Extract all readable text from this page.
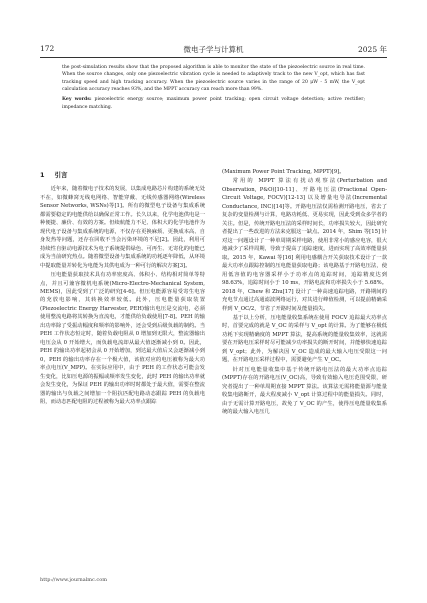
172	微电子学与计算机	2025 年

the post-simulation results show that the proposed algorithm is able to monitor the state of the piezoelectric source in real time. When the source changes, only one piezoelectric vibration cycle is needed to adaptively track to the new V_opt, which has fast tracking speed and high tracking accuracy. When the piezoelectric source varies in the range of 20 μW - 5 mW, the V_opt calculation accuracy reaches 93%, and the MPPT accuracy can reach more than 99%.

Key words: piezoelectric energy source; maximum power point tracking; open circuit voltage detection; active rectifier; impedance matching.

1 引言

近年来，随着微电子技术的发展，以集成电路芯片构建的系统无处不在，如微蜂窝无线电网络、智能穿戴、无线传感器网络(Wireless Sensor Networks, WSNs)等[1]。所有的微型电子设备与集成系统都需要稳定的电能供给以确保正常工作。长久以来，化学电池供电是一种便捷、廉价、有效的方案。但续航能力不足、体积大的化学电池作为现代电子设备与集成系统的电源，不仅存在更换麻烦、更换成本高、自身发热等问题，还存在回收不当会污染环境的不足[2]。因此，利用可持续性自驱动电源技术为电子系统提供绿色、可再生、无寄化的电能已成为当前研究热点。随着微型设备与集成系统的功耗逐年降低，从环境中提取能量并转化为电能为其供电成为一种可行的解决方案[3]。

压电能量获取技术具有功率密度高、体积小、结构相对简单等特点，并且可兼容微机电系统(Micro-Electro-Mechanical System, MEMS)，因此受到了广泛的研究[4-6]。但压电能源容易受寄生电容的充放电影响，其转换效率较低。此外，压电能量获取装置(Piezoelectric Energy Harvester, PEH)输出电压是交流电，必须使用整流电路将其转换为直流电，才能供给负载使用[7-8]。PEH 的输出功率除了受振动幅度和频率的影响外，还会受到后级负载的制约。当 PEH 工作状态恒定时，随着负载电阻从 0 增加到无限大，整流器输出电压会从 0 开始增大，而负载电流却从最大值逐渐减小到 0。因此，PEH 的输出功率起初会从 0 开始增加，到达最大值后又会逐渐减小到 0，PEH 的输出功率存在一个极大值，该值对应的电压被称为最大功率点电压(V_MPP)。在实际应用中，由于 PEH 的工作状态可能会发生变化，比如压电源的振幅或频率发生变化，此时 PEH 的输出功率就会发生变化，为保证 PEH 的输出功率时时都处于最大值，需要在整流器的输出与负载之间增加一个阻抗匹配电路动态跟踪 PEH 的负载电阻，而动态匹配电阻的过程被称为最大功率点跟踪

(Maximum Power Point Tracking, MPPT)[9]。

常用的 MPPT 算法有扰动观察法(Perturbation and Observation, P&O)[10-11]、开路电压法(Fractional Open-Circuit Voltage, FOCV)[12-13] 以及增量电导法(Incremental Conductance, INC)[14]等。开路电压法仅需检测开路电压，省去了复杂的变量检测与计算，电路功耗低、更易实现，因此受到众多学者的关注。但是，传统开路电压法的采样时间长，功率损失较大，因此研究者提出了一些改进的方法来克服这一缺点。2014 年，Shim 等[15] 针对这一问题设计了一种单周期采样电路，使用非常小的感应电容，很大地减少了采样周期，导致于提高了追踪速度，进而实现了高效率能量获取。2015 年，Kawai 等[16] 利用电感耦合开关获取技术设计了一款最大功率点跟踪控制的压电能量获取电路；该电路基于开路电压法，使用低容值的电容器采样小于功率点的追踪时间，追踪精度达到 98.63%，追踪时间小于 10 ms，开路电流和功率损失小于 5.68%。2018 年，Chew 和 Zhu[17] 设计了一种高速追踪电路，开路期间的充电节点通过高通滤波网络运行，对其进行峰值检测，可以提前精确采样到 V_OC/2，节省了开路时间及能量损失。

基于以上分析，压电能量收集系统在使用 FOCV 追踪最大功率点时，首要完成的就是 V_OC 的采样与 V_opt 的计算。为了能够在极低功耗下实现精确度的 MPPT 算法，提高系统的能量收集效率，这就需要在开路电压采样时尽可能减少功率损失的断开时间，并能够快速追踪到 V_opt；此外，为解决因 V_OC 造成的最大输入电压受限这一问题，在开路电压采样过程中，需要避免产生 V_OC。

针对压电能量收集中基于传统开路电压法的最大功率点追踪(MPPT)存在的开路电压(V_OC)高，导致有效输入电压范围受限，研究者提出了一种单周期直接 MPPT 算法。该算法无需将能量源与能量收集电路断开，最大程度减小 V_opt 计算过程中的能量损失。同时，由于无需计算开路电压，故免了 V_OC 的产生，使得压电能量收集系统的最大输入电压几

http://www.journalmc.com
